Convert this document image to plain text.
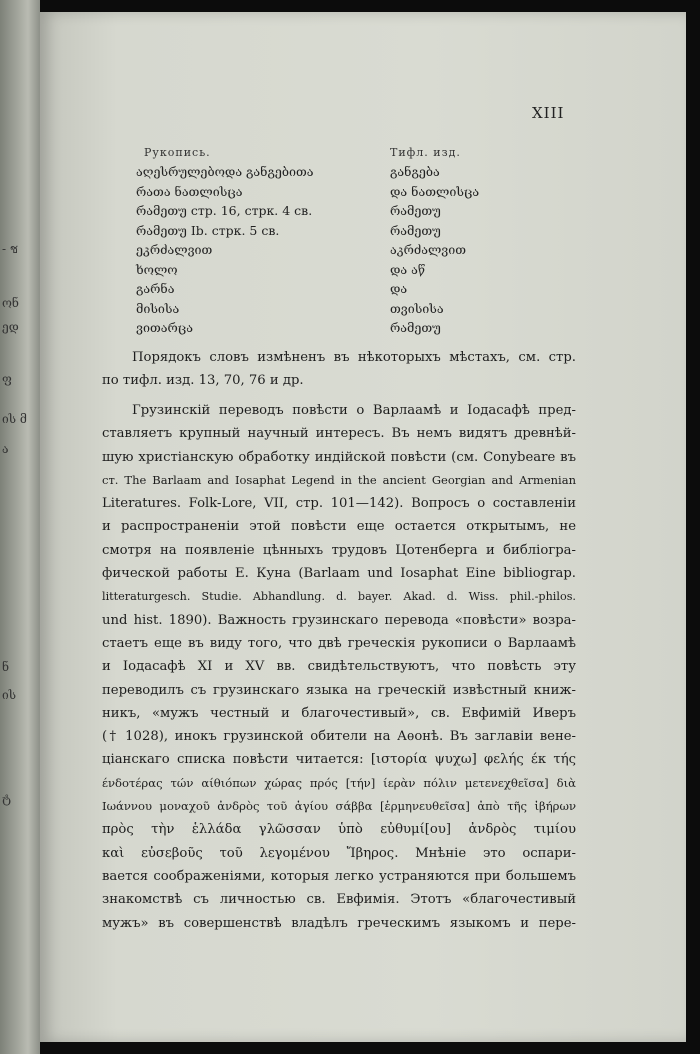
- ช
ონ
ედ
ფ
ის მ
ა
ნ
ის
ტ
XIII
Рукопись.	Тифл. изд.
აღესრულებოდა განგებითა	განგება
რათა ნათლისცა	და ნათლისცა
რამეთუ стр. 16, стрк. 4 св.	რამეთუ
რამეთუ Ib. стрк. 5 св.	რამეთუ
ეკრძალვით	აკრძალვით
ხოლო	და აწ
გარნა	და
მისისა	თვისისა
ვითარცა	რამეთუ
Порядокъ словъ измѣненъ въ нѣкоторыхъ мѣстахъ, см. стр.
по тифл. изд. 13, 70, 76 и др.
Грузинскiй переводъ повѣсти о Варлаамѣ и Iодасафѣ пред-
ставляетъ крупный научный интересъ. Въ немъ видятъ древнѣй-
шую христiанскую обработку индiйской повѣсти (см. Conybeare въ
ст. The Barlaam and Iosaphat Legend in the ancient Georgian and Armenian
Literatures. Folk-Lore, VII, стр. 101—142). Вопросъ о составленiи
и распространенiи этой повѣсти еще остается открытымъ, не
смотря на появленiе цѣнныхъ трудовъ Цотенберга и библiогра-
фической работы Е. Куна (Barlaam und Iosaphat Eine bibliograp.
litteraturgesch. Studie. Abhandlung. d. bayer. Akad. d. Wiss. phil.-philos.
und hist. 1890). Важность грузинскаго перевода «повѣсти» возра-
стаетъ еще въ виду того, что двѣ греческiя рукописи о Варлаамѣ
и Iодасафѣ XI и XV вв. свидѣтельствуютъ, что повѣсть эту
переводилъ съ грузинскаго языка на греческiй извѣстный книж-
никъ, «мужъ честный и благочестивый», св. Евфимiй Иверъ
(† 1028), инокъ грузинской обители на Аѳонѣ. Въ заглавiи вене-
цiанскаго списка повѣсти читается: [ιστορία ψυχω] φελής έκ τής
ένδοτέρας τών αίθιόπων χώρας πρός [τήν] ίερὰν πόλιν μετενεχθεῖσα] διὰ
Ιωάννου μοναχοῦ ἀνδρὸς τοῦ ἁγίου σάββα [ἑρμηνευθεῖσα] ἀπὸ τῆς ἰβήρων
πρὸς τὴν ἑλλάδα γλῶσσαν ὑπὸ εὐθυμί[ου] ἀνδρὸς τιμίου
καὶ εὐσεβοῦς τοῦ λεγομένου Ἴβηρος. Мнѣнiе это оспари-
вается соображенiями, которыя легко устраняются при большемъ
знакомствѣ съ личностью св. Евфимiя. Этотъ «благочестивый
мужъ» въ совершенствѣ владѣлъ греческимъ языкомъ и пере-
